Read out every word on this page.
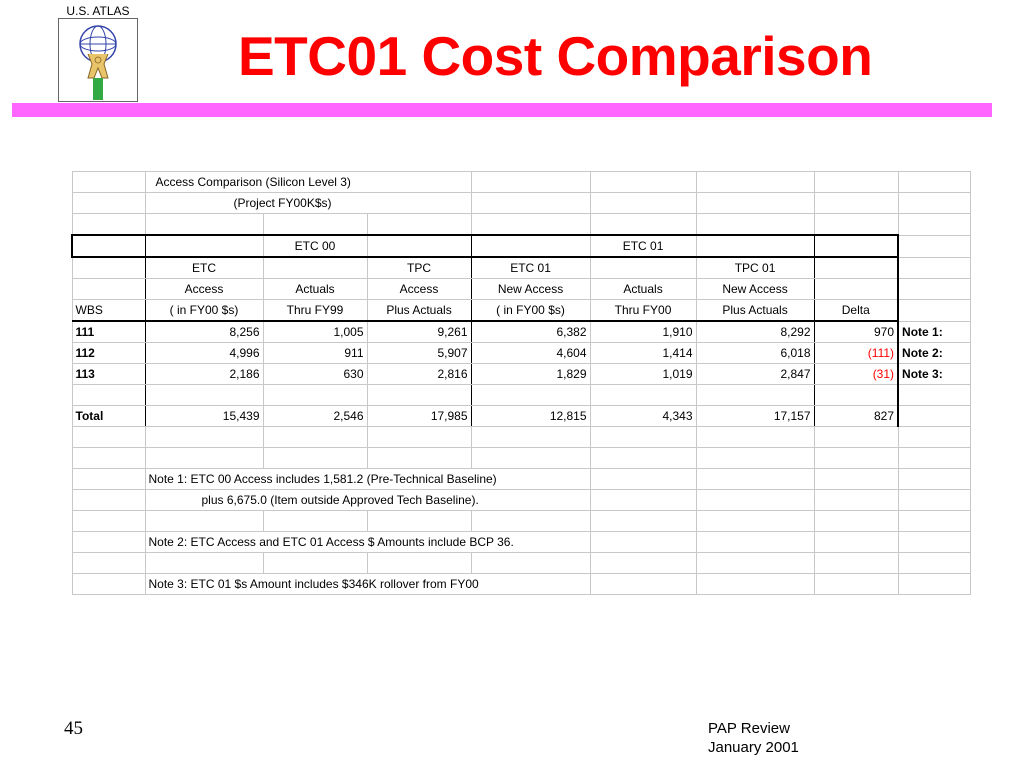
U.S. ATLAS
ETC01 Cost Comparison
	Access Comparison (Silicon Level 3)							
	(Project FY00K$s)							

		ETC 00			ETC 01			
	ETC		TPC	ETC 01		TPC 01		
	Access	Actuals	Access	New Access	Actuals	New Access		
WBS	( in FY00 $s)	Thru FY99	Plus Actuals	( in FY00 $s)	Thru FY00	Plus Actuals	Delta	
111	8,256	1,005	9,261	6,382	1,910	8,292	970	Note 1:
112	4,996	911	5,907	4,604	1,414	6,018	(111)	Note 2:
113	2,186	630	2,816	1,829	1,019	2,847	(31)	Note 3:

Total	15,439	2,546	17,985	12,815	4,343	17,157	827	

	Note 1: ETC 00 Access includes 1,581.2 (Pre-Technical Baseline)							
	plus 6,675.0 (Item outside Approved Tech Baseline).							

	Note 2: ETC Access and ETC 01 Access $ Amounts include BCP 36.							

	Note 3: ETC 01 $s Amount includes $346K rollover from FY00							
45	PAP Review
January 2001
